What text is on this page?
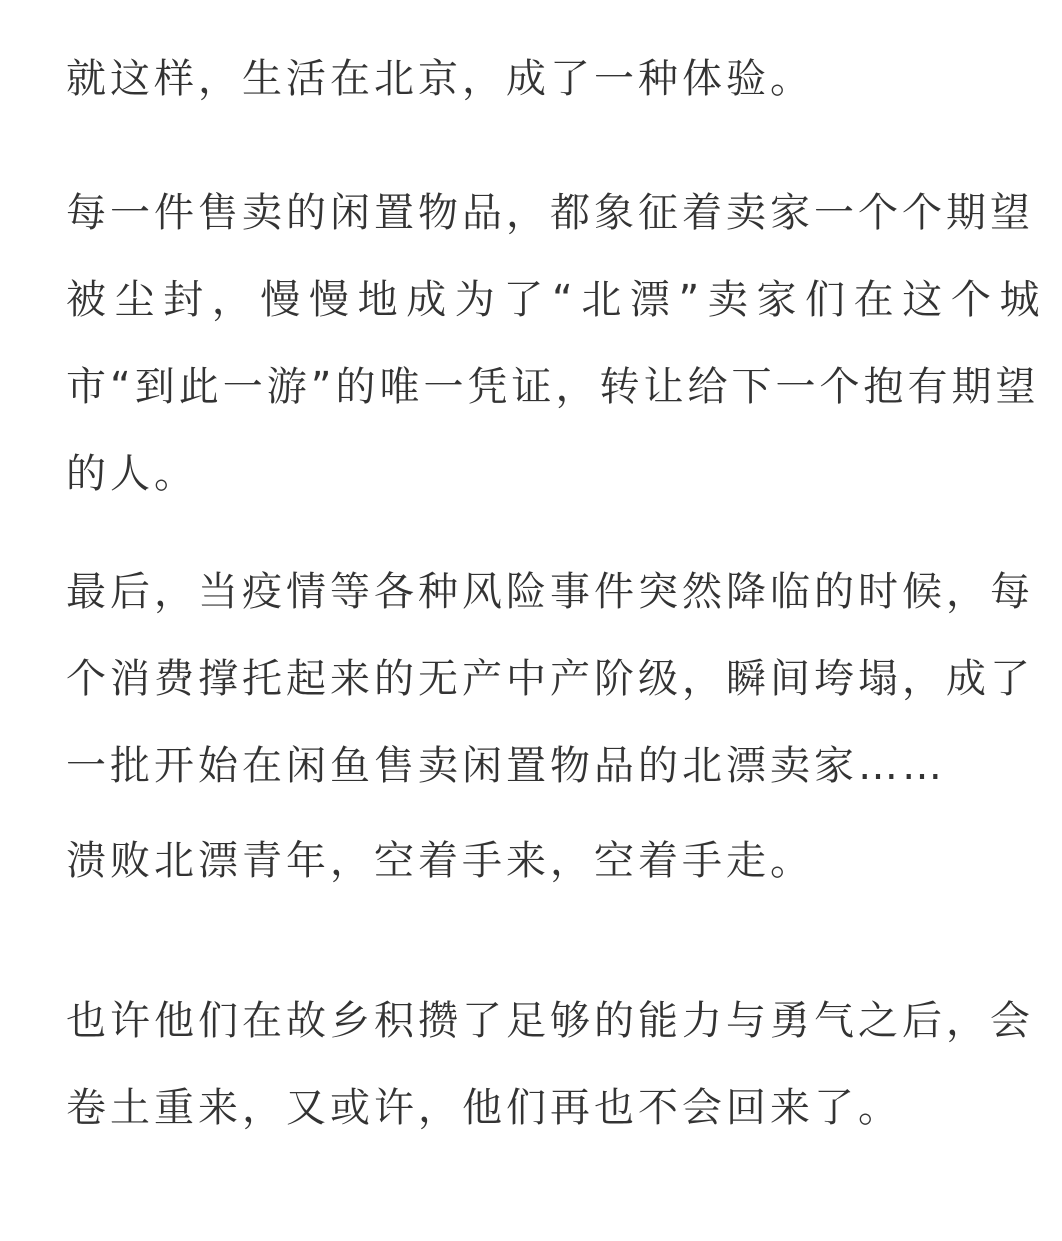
就这样，生活在北京，成了一种体验。
每一件售卖的闲置物品，都象征着卖家一个个期望
被尘封，慢慢地成为了“北漂”卖家们在这个城
市“到此一游”的唯一凭证，转让给下一个抱有期望
的人。
最后，当疫情等各种风险事件突然降临的时候，每
个消费撑托起来的无产中产阶级，瞬间垮塌，成了
一批开始在闲鱼售卖闲置物品的北漂卖家……
溃败北漂青年，空着手来，空着手走。
也许他们在故乡积攒了足够的能力与勇气之后，会
卷土重来，又或许，他们再也不会回来了。
